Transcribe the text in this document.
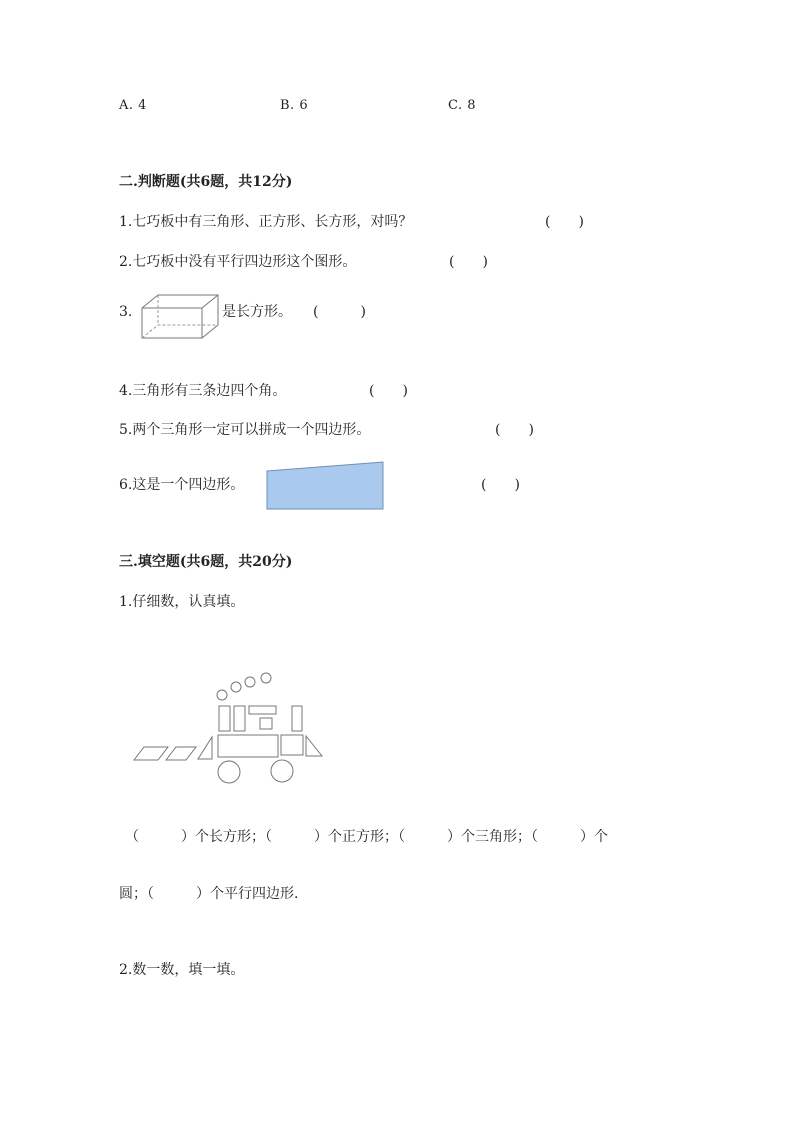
A. 4	B. 6	C. 8
二.判断题(共6题，共12分)
1.七巧板中有三角形、正方形、长方形，对吗？	(　　)
2.七巧板中没有平行四边形这个图形。	(　　)
3.	是长方形。 (　　　)
4.三角形有三条边四个角。	(　　)
5.两个三角形一定可以拼成一个四边形。	(　　)
6.这是一个四边形。	(　　)
三.填空题(共6题，共20分)
1.仔细数，认真填。
（　　　）个长方形；（　　　）个正方形；（　　　）个三角形；（　　　）个
圆；（　　　）个平行四边形.
2.数一数，填一填。
